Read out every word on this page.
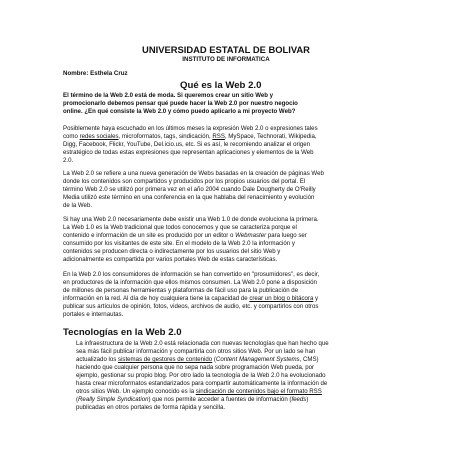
UNIVERSIDAD ESTATAL DE BOLIVAR
INSTITUTO DE INFORMATICA
Nombre: Esthela Cruz
Qué es la Web 2.0
El término de la Web 2.0 está de moda. Si queremos crear un sitio Web y
promocionarlo debemos pensar qué puede hacer la Web 2.0 por nuestro negocio
online. ¿En qué consiste la Web 2.0 y cómo puedo aplicarlo a mi proyecto Web?
Posiblemente haya escuchado en los últimos meses la expresión Web 2.0 o expresiones tales
como redes sociales, microformatos, tags, sindicación, RSS, MySpace, Technorati, Wikipedia,
Digg, Facebook, Flickr, YouTube, Del.icio.us, etc. Si es así, le recomiendo analizar el origen
estratégico de todas estas expresiones que representan aplicaciones y elementos de la Web
2.0.
La Web 2.0 se refiere a una nueva generación de Webs basadas en la creación de páginas Web
donde los contenidos son compartidos y producidos por los propios usuarios del portal. El
término Web 2.0 se utilizó por primera vez en el año 2004 cuando Dale Dougherty de O'Reilly
Media utilizó este término en una conferencia en la que hablaba del renacimiento y evolución
de la Web.
Si hay una Web 2.0 necesariamente debe existir una Web 1.0 de donde evoluciona la primera.
La Web 1.0 es la Web tradicional que todos conocemos y que se caracteriza porque el
contenido e información de un site es producido por un editor o Webmaster para luego ser
consumido por los visitantes de este site. En el modelo de la Web 2.0 la información y
contenidos se producen directa o indirectamente por los usuarios del sitio Web y
adicionalmente es compartida por varios portales Web de estas características.
En la Web 2.0 los consumidores de información se han convertido en "prosumidores", es decir,
en productores de la información que ellos mismos consumen. La Web 2.0 pone a disposición
de millones de personas herramientas y plataformas de fácil uso para la publicación de
información en la red. Al día de hoy cualquiera tiene la capacidad de crear un blog o bitácora y
publicar sus artículos de opinión, fotos, videos, archivos de audio, etc. y compartirlos con otros
portales e internautas.
Tecnologías en la Web 2.0
La infraestructura de la Web 2.0 está relacionada con nuevas tecnologías que han hecho que
sea más fácil publicar información y compartirla con otros sitios Web. Por un lado se han
actualizado los sistemas de gestores de contenido (Content Management Systems, CMS)
haciendo que cualquier persona que no sepa nada sobre programación Web pueda, por
ejemplo, gestionar su propio blog. Por otro lado la tecnología de la Web 2.0 ha evolucionado
hasta crear microformatos estandarizados para compartir automáticamente la información de
otros sitios Web. Un ejemplo conocido es la sindicación de contenidos bajo el formato RSS
(Really Simple Syndication) que nos permite acceder a fuentes de información (feeds)
publicadas en otros portales de forma rápida y sencilla.
